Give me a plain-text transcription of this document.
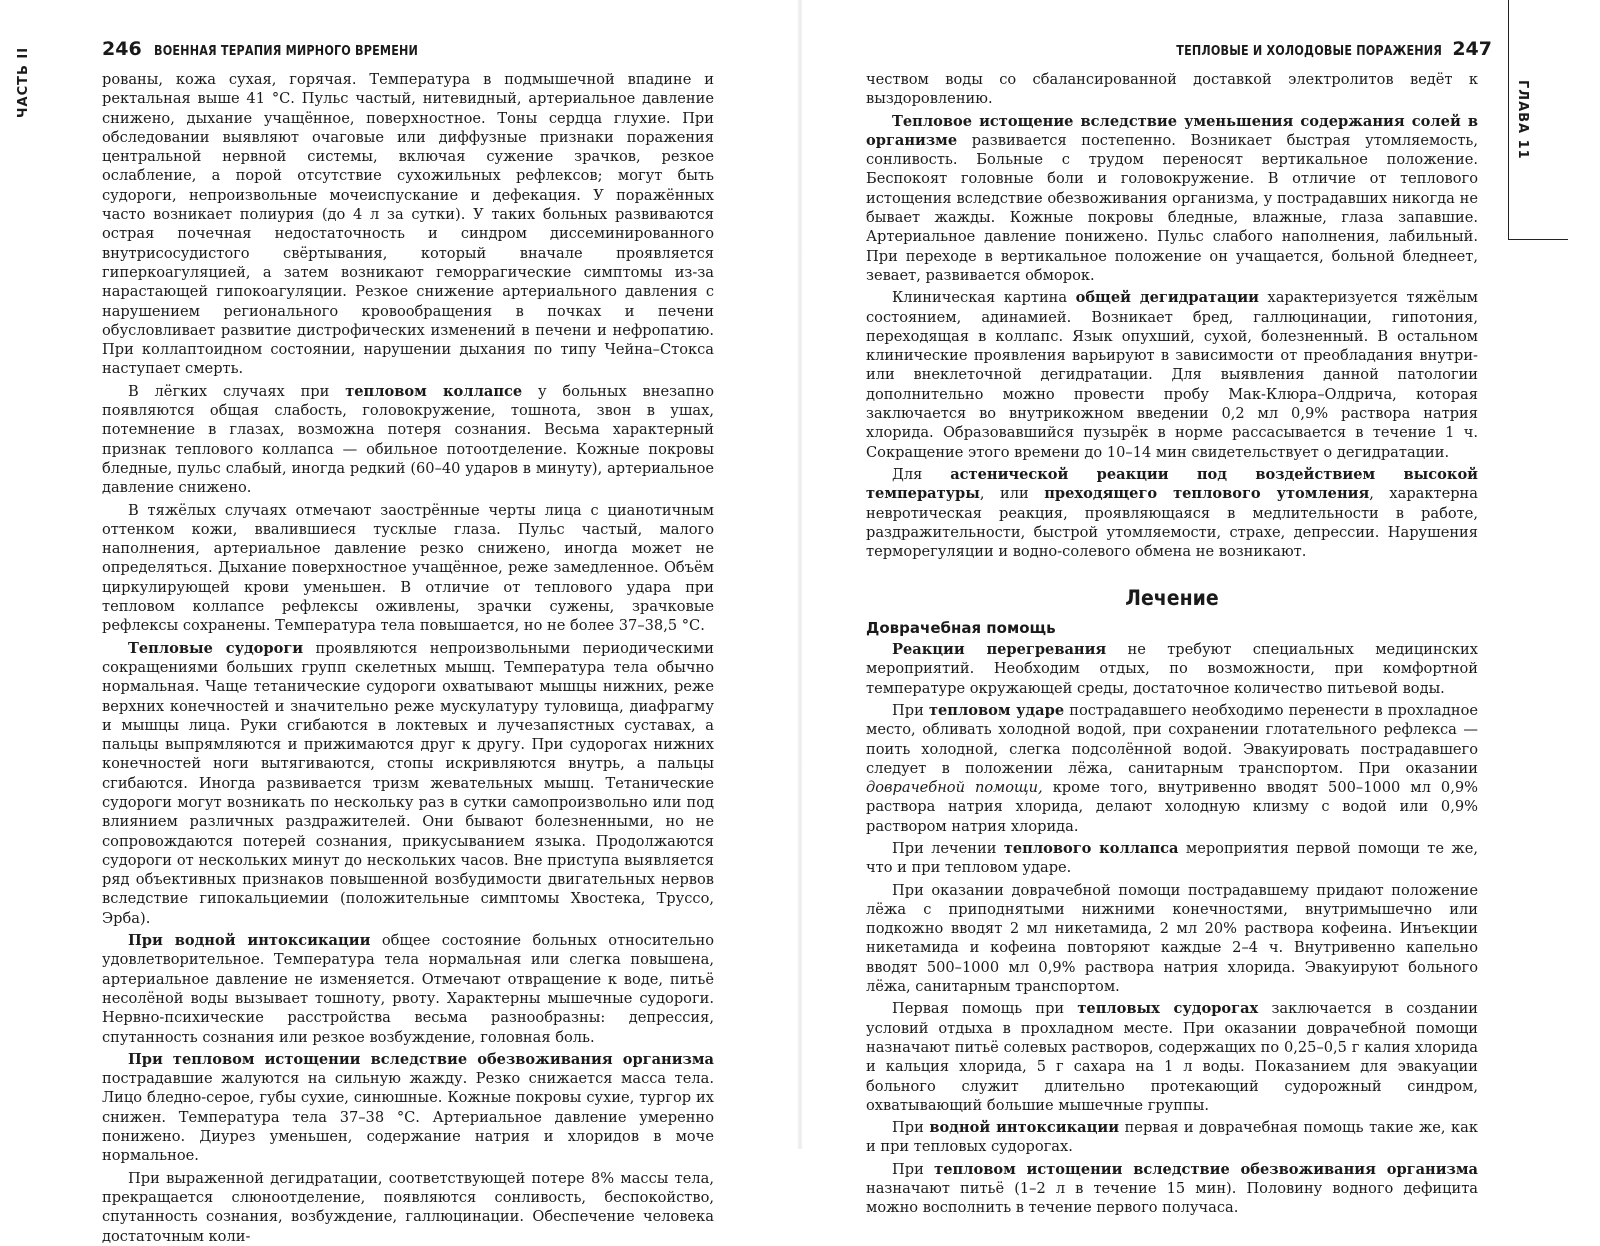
ЧАСТЬ II	246 ВОЕННАЯ ТЕРАПИЯ МИРНОГО ВРЕМЕНИ

рованы, кожа сухая, горячая. Температура в подмышечной впадине и ректальная выше 41 °С. Пульс частый, нитевидный, артериальное давление снижено, дыхание учащённое, поверхностное. Тоны сердца глухие. При обследовании выявляют очаговые или диффузные признаки поражения центральной нервной системы, включая сужение зрачков, резкое ослабление, а порой отсутствие сухожильных рефлексов; могут быть судороги, непроизвольные мочеиспускание и дефекация. У поражённых часто возникает полиурия (до 4 л за сутки). У таких больных развиваются острая почечная недостаточность и синдром диссеминированного внутрисосудистого свёртывания, который вначале проявляется гиперкоагуляцией, а затем возникают геморрагические симптомы из-за нарастающей гипокоагуляции. Резкое снижение артериального давления с нарушением регионального кровообращения в почках и печени обусловливает развитие дистрофических изменений в печени и нефропатию. При коллаптоидном состоянии, нарушении дыхания по типу Чейна–Стокса наступает смерть.

В лёгких случаях при тепловом коллапсе у больных внезапно появляются общая слабость, головокружение, тошнота, звон в ушах, потемнение в глазах, возможна потеря сознания. Весьма характерный признак теплового коллапса — обильное потоотделение. Кожные покровы бледные, пульс слабый, иногда редкий (60–40 ударов в минуту), артериальное давление снижено.

В тяжёлых случаях отмечают заострённые черты лица с цианотичным оттенком кожи, ввалившиеся тусклые глаза. Пульс частый, малого наполнения, артериальное давление резко снижено, иногда может не определяться. Дыхание поверхностное учащённое, реже замедленное. Объём циркулирующей крови уменьшен. В отличие от теплового удара при тепловом коллапсе рефлексы оживлены, зрачки сужены, зрачковые рефлексы сохранены. Температура тела повышается, но не более 37–38,5 °С.

Тепловые судороги проявляются непроизвольными периодическими сокращениями больших групп скелетных мышц. Температура тела обычно нормальная. Чаще тетанические судороги охватывают мышцы нижних, реже верхних конечностей и значительно реже мускулатуру туловища, диафрагму и мышцы лица. Руки сгибаются в локтевых и лучезапястных суставах, а пальцы выпрямляются и прижимаются друг к другу. При судорогах нижних конечностей ноги вытягиваются, стопы искривляются внутрь, а пальцы сгибаются. Иногда развивается тризм жевательных мышц. Тетанические судороги могут возникать по нескольку раз в сутки самопроизвольно или под влиянием различных раздражителей. Они бывают болезненными, но не сопровождаются потерей сознания, прикусыванием языка. Продолжаются судороги от нескольких минут до нескольких часов. Вне приступа выявляется ряд объективных признаков повышенной возбудимости двигательных нервов вследствие гипокальциемии (положительные симптомы Хвостека, Труссо, Эрба).

При водной интоксикации общее состояние больных относительно удовлетворительное. Температура тела нормальная или слегка повышена, артериальное давление не изменяется. Отмечают отвращение к воде, питьё несолёной воды вызывает тошноту, рвоту. Характерны мышечные судороги. Нервно-психические расстройства весьма разнообразны: депрессия, спутанность сознания или резкое возбуждение, головная боль.

При тепловом истощении вследствие обезвоживания организма пострадавшие жалуются на сильную жажду. Резко снижается масса тела. Лицо бледно-серое, губы сухие, синюшные. Кожные покровы сухие, тургор их снижен. Температура тела 37–38 °С. Артериальное давление умеренно понижено. Диурез уменьшен, содержание натрия и хлоридов в моче нормальное.

При выраженной дегидратации, соответствующей потере 8% массы тела, прекращается слюноотделение, появляются сонливость, беспокойство, спутанность сознания, возбуждение, галлюцинации. Обеспечение человека достаточным коли-

ТЕПЛОВЫЕ И ХОЛОДОВЫЕ ПОРАЖЕНИЯ 247

чеством воды со сбалансированной доставкой электролитов ведёт к выздоровлению.

Тепловое истощение вследствие уменьшения содержания солей в организме развивается постепенно. Возникает быстрая утомляемость, сонливость. Больные с трудом переносят вертикальное положение. Беспокоят головные боли и головокружение. В отличие от теплового истощения вследствие обезвоживания организма, у пострадавших никогда не бывает жажды. Кожные покровы бледные, влажные, глаза запавшие. Артериальное давление понижено. Пульс слабого наполнения, лабильный. При переходе в вертикальное положение он учащается, больной бледнеет, зевает, развивается обморок.

Клиническая картина общей дегидратации характеризуется тяжёлым состоянием, адинамией. Возникает бред, галлюцинации, гипотония, переходящая в коллапс. Язык опухший, сухой, болезненный. В остальном клинические проявления варьируют в зависимости от преобладания внутри- или внеклеточной дегидратации. Для выявления данной патологии дополнительно можно провести пробу Мак-Клюра–Олдрича, которая заключается во внутрикожном введении 0,2 мл 0,9% раствора натрия хлорида. Образовавшийся пузырёк в норме рассасывается в течение 1 ч. Сокращение этого времени до 10–14 мин свидетельствует о дегидратации.

Для астенической реакции под воздействием высокой температуры, или преходящего теплового утомления, характерна невротическая реакция, проявляющаяся в медлительности в работе, раздражительности, быстрой утомляемости, страхе, депрессии. Нарушения терморегуляции и водно-солевого обмена не возникают.

Лечение
Доврачебная помощь

Реакции перегревания не требуют специальных медицинских мероприятий. Необходим отдых, по возможности, при комфортной температуре окружающей среды, достаточное количество питьевой воды.

При тепловом ударе пострадавшего необходимо перенести в прохладное место, обливать холодной водой, при сохранении глотательного рефлекса — поить холодной, слегка подсолённой водой. Эвакуировать пострадавшего следует в положении лёжа, санитарным транспортом. При оказании доврачебной помощи, кроме того, внутривенно вводят 500–1000 мл 0,9% раствора натрия хлорида, делают холодную клизму с водой или 0,9% раствором натрия хлорида.

При лечении теплового коллапса мероприятия первой помощи те же, что и при тепловом ударе.

При оказании доврачебной помощи пострадавшему придают положение лёжа с приподнятыми нижними конечностями, внутримышечно или подкожно вводят 2 мл никетамида, 2 мл 20% раствора кофеина. Инъекции никетамида и кофеина повторяют каждые 2–4 ч. Внутривенно капельно вводят 500–1000 мл 0,9% раствора натрия хлорида. Эвакуируют больного лёжа, санитарным транспортом.

Первая помощь при тепловых судорогах заключается в создании условий отдыха в прохладном месте. При оказании доврачебной помощи назначают питьё солевых растворов, содержащих по 0,25–0,5 г калия хлорида и кальция хлорида, 5 г сахара на 1 л воды. Показанием для эвакуации больного служит длительно протекающий судорожный синдром, охватывающий большие мышечные группы.

При водной интоксикации первая и доврачебная помощь такие же, как и при тепловых судорогах.

При тепловом истощении вследствие обезвоживания организма назначают питьё (1–2 л в течение 15 мин). Половину водного дефицита можно восполнить в течение первого получаса.

ГЛАВА 11
